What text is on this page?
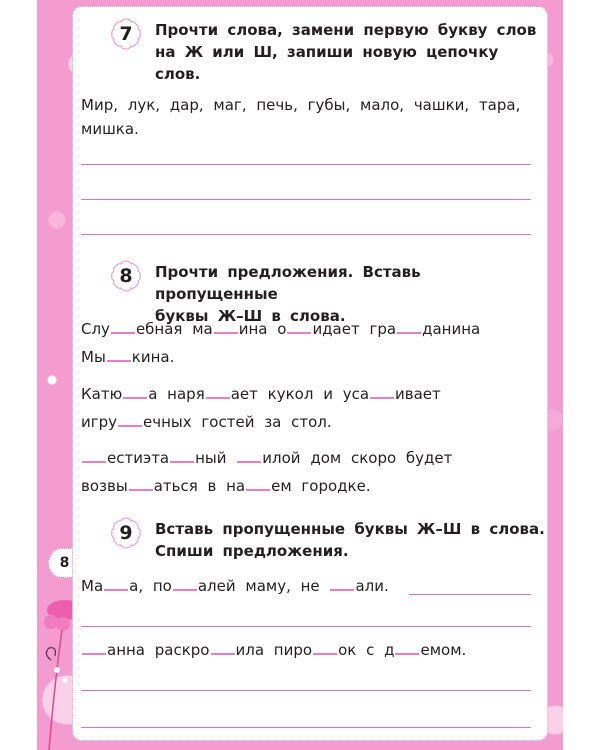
8
7 Прочти слова, замени первую букву слов
на Ж или Ш, запиши новую цепочку
слов.
Мир, лук, дар, маг, печь, губы, мало, чашки, тара,
мишка.
8 Прочти предложения. Вставь пропущенные
буквы Ж–Ш в слова.
Слу ебная ма ина о идает гра данина
Мы кина.
Катю а наря ает кукол и уса ивает
игру ечных гостей за стол.
естиэта ный илой дом скоро будет
возвы аться в на ем городке.
9 Вставь пропущенные буквы Ж–Ш в слова.
Спиши предложения.
Ма а, по алей маму, не али.
анна раскро ила пиро ок с д емом.
